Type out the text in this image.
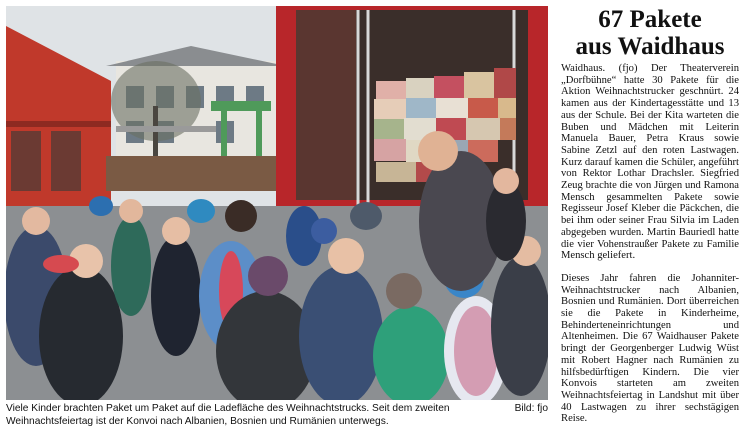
Bild: fjo
Viele Kinder brachten Paket um Paket auf die Ladefläche des Weihnachtstrucks. Seit dem zweiten Weihnachtsfeiertag ist der Konvoi nach Albanien, Bosnien und Rumänien unterwegs.
67 Pakete
aus Waidhaus

Waidhaus. (fjo) Der Theaterverein „Dorfbühne“ hatte 30 Pakete für die Aktion Weihnachtstrucker geschnürt. 24 kamen aus der Kindertagesstätte und 13 aus der Schule. Bei der Kita warteten die Buben und Mädchen mit Leiterin Manuela Bauer, Petra Kraus sowie Sabine Zetzl auf den roten Lastwagen. Kurz darauf kamen die Schüler, angeführt von Rektor Lothar Drachsler. Siegfried Zeug brachte die von Jürgen und Ramona Mensch gesammelten Pakete sowie Regisseur Josef Kleber die Päckchen, die bei ihm oder seiner Frau Silvia im Laden abgegeben wurden. Martin Bauriedl hatte die vier Vohenstraußer Pakete zu Familie Mensch geliefert.

Dieses Jahr fahren die Johanniter-Weihnachtstrucker nach Albanien, Bosnien und Rumänien. Dort überreichen sie die Pakete in Kinderheime, Behinderteneinrichtungen und Altenheimen. Die 67 Waidhauser Pakete bringt der Georgenberger Ludwig Wüst mit Robert Hagner nach Rumänien zu hilfsbedürftigen Kindern. Die vier Konvois starteten am zweiten Weihnachtsfeiertag in Landshut mit über 40 Lastwagen zu ihrer sechstägigen Reise.
